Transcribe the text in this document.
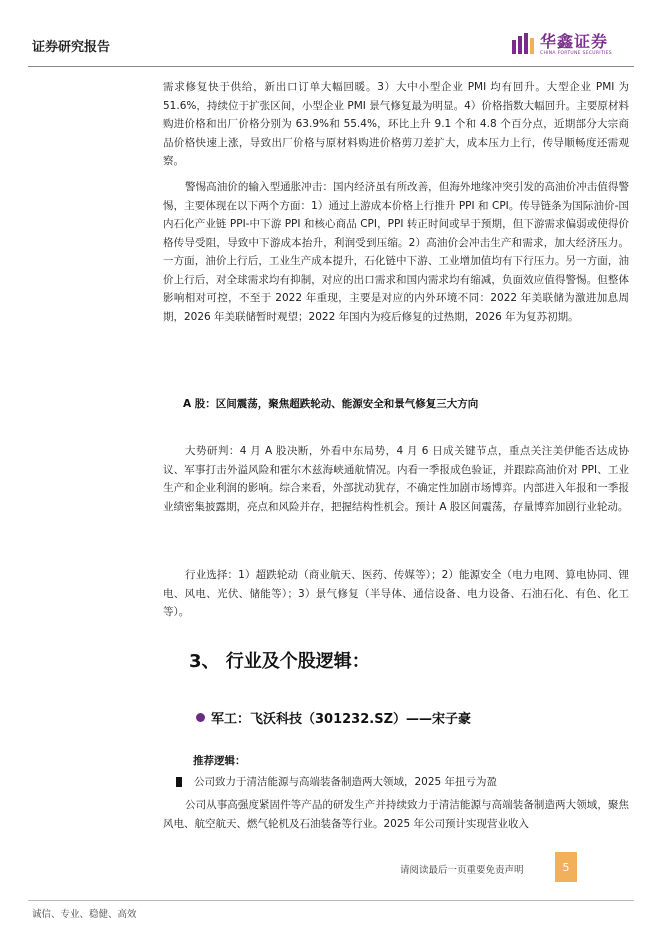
证券研究报告	华鑫证券
CHINA FORTUNE SECURITIES

需求修复快于供给，新出口订单大幅回暖。3）大中小型企业 PMI 均有回升。大型企业 PMI 为 51.6%，持续位于扩张区间，小型企业 PMI 景气修复最为明显。4）价格指数大幅回升。主要原材料购进价格和出厂价格分别为 63.9%和 55.4%，环比上升 9.1 个和 4.8 个百分点，近期部分大宗商品价格快速上涨，导致出厂价格与原材料购进价格剪刀差扩大，成本压力上行，传导顺畅度还需观察。

警惕高油价的输入型通胀冲击：国内经济虽有所改善，但海外地缘冲突引发的高油价冲击值得警惕，主要体现在以下两个方面：1）通过上游成本价格上行推升 PPI 和 CPI。传导链条为国际油价-国内石化产业链 PPI-中下游 PPI 和核心商品 CPI，PPI 转正时间或早于预期，但下游需求偏弱或使得价格传导受阻，导致中下游成本抬升，利润受到压缩。2）高油价会冲击生产和需求，加大经济压力。一方面，油价上行后，工业生产成本提升，石化链中下游、工业增加值均有下行压力。另一方面，油价上行后，对全球需求均有抑制，对应的出口需求和国内需求均有缩减，负面效应值得警惕。但整体影响相对可控，不至于 2022 年重现，主要是对应的内外环境不同：2022 年美联储为激进加息周期，2026 年美联储暂时观望；2022 年国内为疫后修复的过热期，2026 年为复苏初期。

A 股：区间震荡，聚焦超跌轮动、能源安全和景气修复三大方向

大势研判：4 月 A 股决断，外看中东局势，4 月 6 日成关键节点，重点关注美伊能否达成协议、军事打击外溢风险和霍尔木兹海峡通航情况。内看一季报成色验证，并跟踪高油价对 PPI、工业生产和企业利润的影响。综合来看，外部扰动犹存，不确定性加剧市场博弈。内部进入年报和一季报业绩密集披露期，亮点和风险并存，把握结构性机会。预计 A 股区间震荡，存量博弈加剧行业轮动。

行业选择：1）超跌轮动（商业航天、医药、传媒等）；2）能源安全（电力电网、算电协同、锂电、风电、光伏、储能等）；3）景气修复（半导体、通信设备、电力设备、石油石化、有色、化工等）。

3、 行业及个股逻辑：
军工：飞沃科技（301232.SZ）——宋子豪
推荐逻辑：
公司致力于清洁能源与高端装备制造两大领域，2025 年扭亏为盈

公司从事高强度紧固件等产品的研发生产并持续致力于清洁能源与高端装备制造两大领域，聚焦风电、航空航天、燃气轮机及石油装备等行业。2025 年公司预计实现营业收入

请阅读最后一页重要免责声明	5
诚信、专业、稳健、高效
